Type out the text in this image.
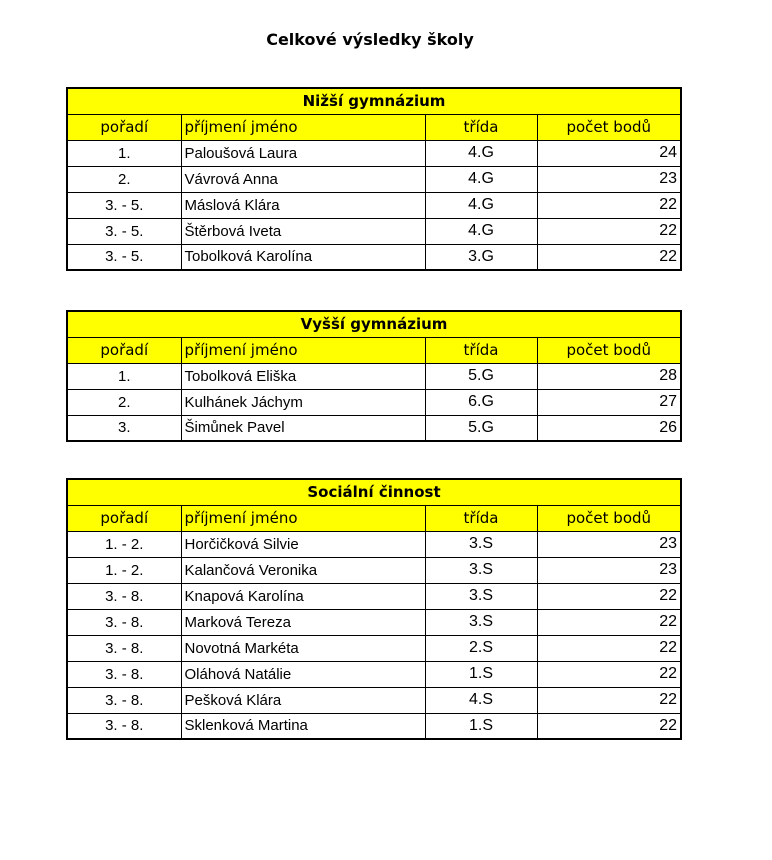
Celkové výsledky školy
Nižší gymnázium			
pořadí	příjmení jméno	třída	počet bodů
1.	Paloušová Laura	4.G	24
2.	Vávrová Anna	4.G	23
3. - 5.	Máslová Klára	4.G	22
3. - 5.	Štěrbová Iveta	4.G	22
3. - 5.	Tobolková Karolína	3.G	22
Vyšší gymnázium			
pořadí	příjmení jméno	třída	počet bodů
1.	Tobolková Eliška	5.G	28
2.	Kulhánek Jáchym	6.G	27
3.	Šimůnek Pavel	5.G	26
Sociální činnost			
pořadí	příjmení jméno	třída	počet bodů
1. - 2.	Horčičková Silvie	3.S	23
1. - 2.	Kalančová Veronika	3.S	23
3. - 8.	Knapová Karolína	3.S	22
3. - 8.	Marková Tereza	3.S	22
3. - 8.	Novotná Markéta	2.S	22
3. - 8.	Oláhová Natálie	1.S	22
3. - 8.	Pešková Klára	4.S	22
3. - 8.	Sklenková Martina	1.S	22
